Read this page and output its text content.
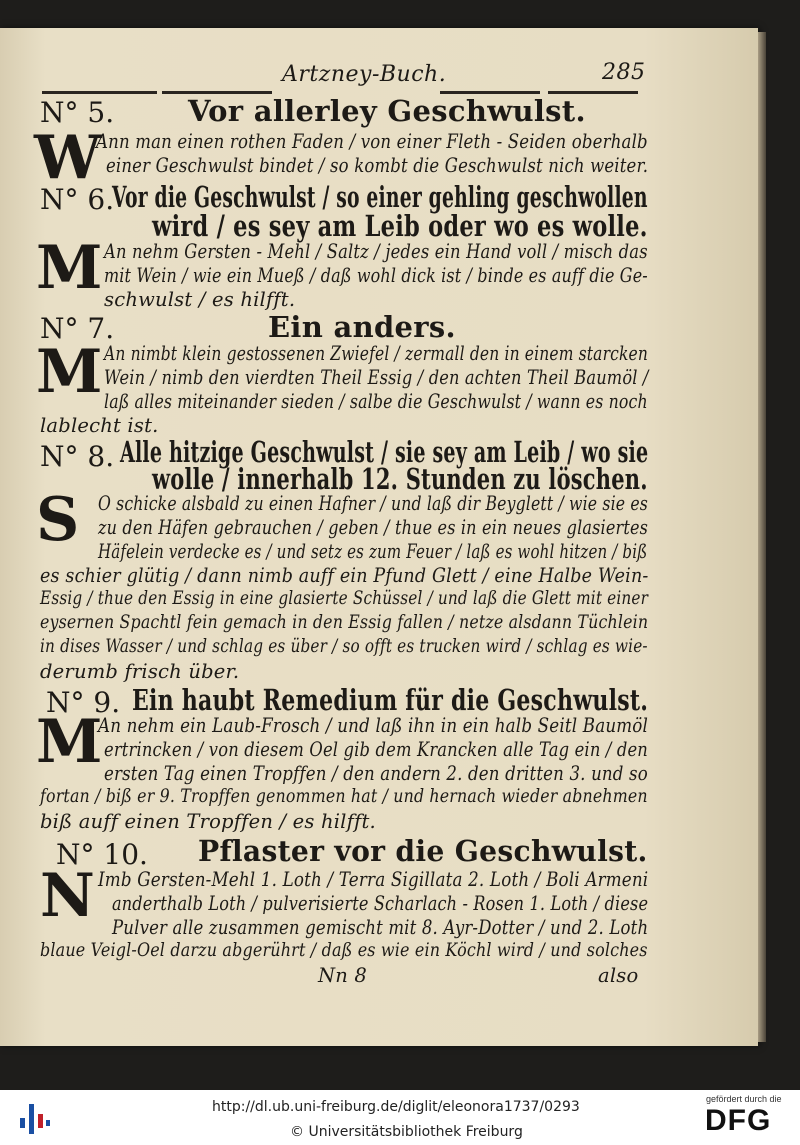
Artzney-Buch.	285
N° 5.	Vor allerley Geschwulst.
W
Ann man einen rothen Faden / von einer Fleth - Seiden oberhalb
einer Geschwulst bindet / so kombt die Geschwulst nich weiter.
N° 6.
Vor die Geschwulst / so einer gehling geschwollen
wird / es sey am Leib oder wo es wolle.
M An nehm Gersten - Mehl / Saltz / jedes ein Hand voll / misch das
mit Wein / wie ein Mueß / daß wohl dick ist / binde es auff die Ge-
schwulst / es hilfft.
N° 7.	Ein anders.
M An nimbt klein gestossenen Zwiefel / zermall den in einem starcken
Wein / nimb den vierdten Theil Essig / den achten Theil Baumöl /
laß alles miteinander sieden / salbe die Geschwulst / wann es noch
lablecht ist.
N° 8. Alle hitzige Geschwulst / sie sey am Leib / wo sie
wolle / innerhalb 12. Stunden zu löschen.
S O schicke alsbald zu einen Hafner / und laß dir Beyglett / wie sie es
zu den Häfen gebrauchen / geben / thue es in ein neues glasiertes
Häfelein verdecke es / und setz es zum Feuer / laß es wohl hitzen / biß
es schier glütig / dann nimb auff ein Pfund Glett / eine Halbe Wein-
Essig / thue den Essig in eine glasierte Schüssel / und laß die Glett mit einer
eysernen Spachtl fein gemach in den Essig fallen / netze alsdann Tüchlein
in dises Wasser / und schlag es über / so offt es trucken wird / schlag es wie-
derumb frisch über.
N° 9. Ein haubt Remedium für die Geschwulst.
M
An nehm ein Laub-Frosch / und laß ihn in ein halb Seitl Baumöl
ertrincken / von diesem Oel gib dem Krancken alle Tag ein / den
ersten Tag einen Tropffen / den andern 2. den dritten 3. und so
fortan / biß er 9. Tropffen genommen hat / und hernach wieder abnehmen
biß auff einen Tropffen / es hilfft.
N° 10. Pflaster vor die Geschwulst.
N Imb Gersten-Mehl 1. Loth / Terra Sigillata 2. Loth / Boli Armeni
anderthalb Loth / pulverisierte Scharlach - Rosen 1. Loth / diese
Pulver alle zusammen gemischt mit 8. Ayr-Dotter / und 2. Loth
blaue Veigl-Oel darzu abgerührt / daß es wie ein Köchl wird / und solches
Nn 8	also
http://dl.ub.uni-freiburg.de/diglit/eleonora1737/0293
© Universitätsbibliothek Freiburg
gefördert durch die
DFG
